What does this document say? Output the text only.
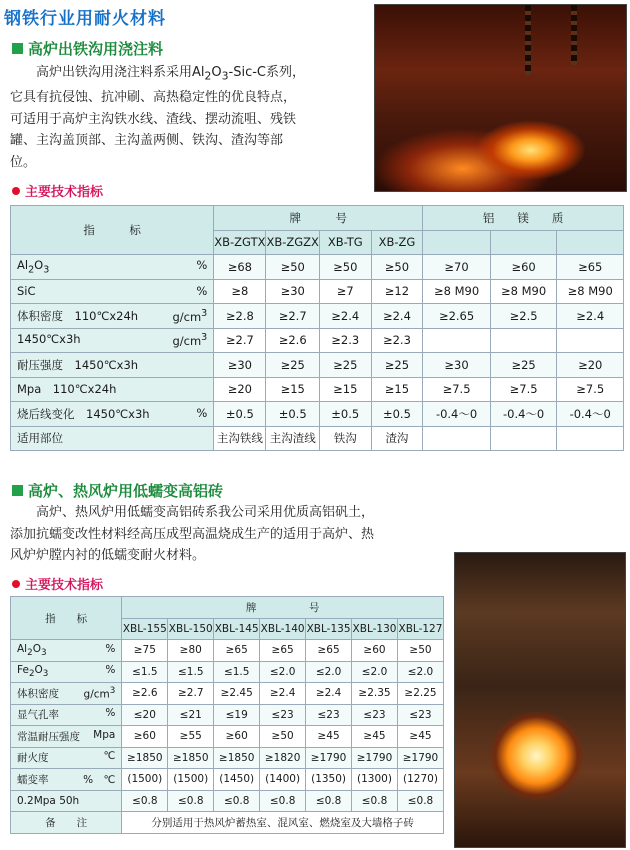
钢铁行业用耐火材料
高炉出铁沟用浇注料
　　高炉出铁沟用浇注料系采用$Al_2O_3-Sic-C$系列，
它具有抗侵蚀、抗冲刷、高热稳定性的优良特点，
可适用于高炉主沟铁水线、渣线、摆动流咀、残铁
罐、主沟盖顶部、主沟盖两侧、铁沟、渣沟等部
位。
主要技术指标
指　　　标	牌　　　号				铝　　镁　　质		
	XB-ZGTX	XB-ZGZX	XB-TG	XB-ZG			

$Al_2O_3$ %	≥68	≥50	≥50	≥50	≥70	≥60	≥65

SiC %	≥8	≥30	≥7	≥12	≥8 M90	≥8 M90	≥8 M90

体积密度　110℃x24h $g/cm^3$	≥2.8	≥2.7	≥2.4	≥2.4	≥2.65	≥2.5	≥2.4

1450℃x3h $g/cm^3$	≥2.7	≥2.6	≥2.3	≥2.3			

耐压强度　1450℃x3h	≥30	≥25	≥25	≥25	≥30	≥25	≥20

Mpa　110℃x24h	≥20	≥15	≥15	≥15	≥7.5	≥7.5	≥7.5

烧后线变化　1450℃x3h %	±0.5	±0.5	±0.5	±0.5	-0.4～0	-0.4～0	-0.4～0

适用部位	主沟铁线	主沟渣线	铁沟	渣沟			
高炉、热风炉用低蠕变高铝砖
　　高炉、热风炉用低蠕变高铝砖系我公司采用优质高铝矾土，
添加抗蠕变改性材料经高压成型高温烧成生产的适用于高炉、热
风炉炉膛内衬的低蠕变耐火材料。
主要技术指标
指　　标	牌　　　　　号						
	XBL-155	XBL-150	XBL-145	XBL-140	XBL-135	XBL-130	XBL-127

$Al_2O_3$ %	≥75	≥80	≥65	≥65	≥65	≥60	≥50

$Fe_2O_3$ %	≤1.5	≤1.5	≤1.5	≤2.0	≤2.0	≤2.0	≤2.0

体积密度 $g/cm^3$	≥2.6	≥2.7	≥2.45	≥2.4	≥2.4	≥2.35	≥2.25

显气孔率 %	≤20	≤21	≤19	≤23	≤23	≤23	≤23

常温耐压强度 Mpa	≥60	≥55	≥60	≥50	≥45	≥45	≥45

耐火度 ℃	≥1850	≥1850	≥1850	≥1820	≥1790	≥1790	≥1790

蠕变率 %　℃	(1500)	(1500)	(1450)	(1400)	(1350)	(1300)	(1270)

0.2Mpa 50h	≤0.8	≤0.8	≤0.8	≤0.8	≤0.8	≤0.8	≤0.8
备　　注	分别适用于热风炉蓄热室、混风室、燃烧室及大墙格子砖						
